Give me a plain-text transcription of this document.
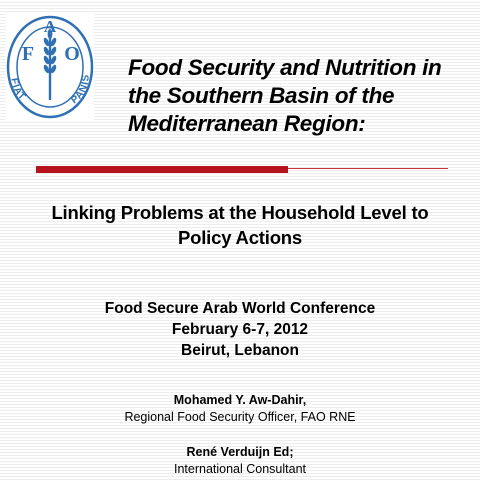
F
A
O
FIAT	PANIS Food Security and Nutrition in
the Southern Basin of the
Mediterranean Region:
Linking Problems at the Household Level to
Policy Actions
Food Secure Arab World Conference
February 6-7, 2012
Beirut, Lebanon
Mohamed Y. Aw-Dahir,
Regional Food Security Officer, FAO RNE
René Verduijn Ed;
International Consultant
